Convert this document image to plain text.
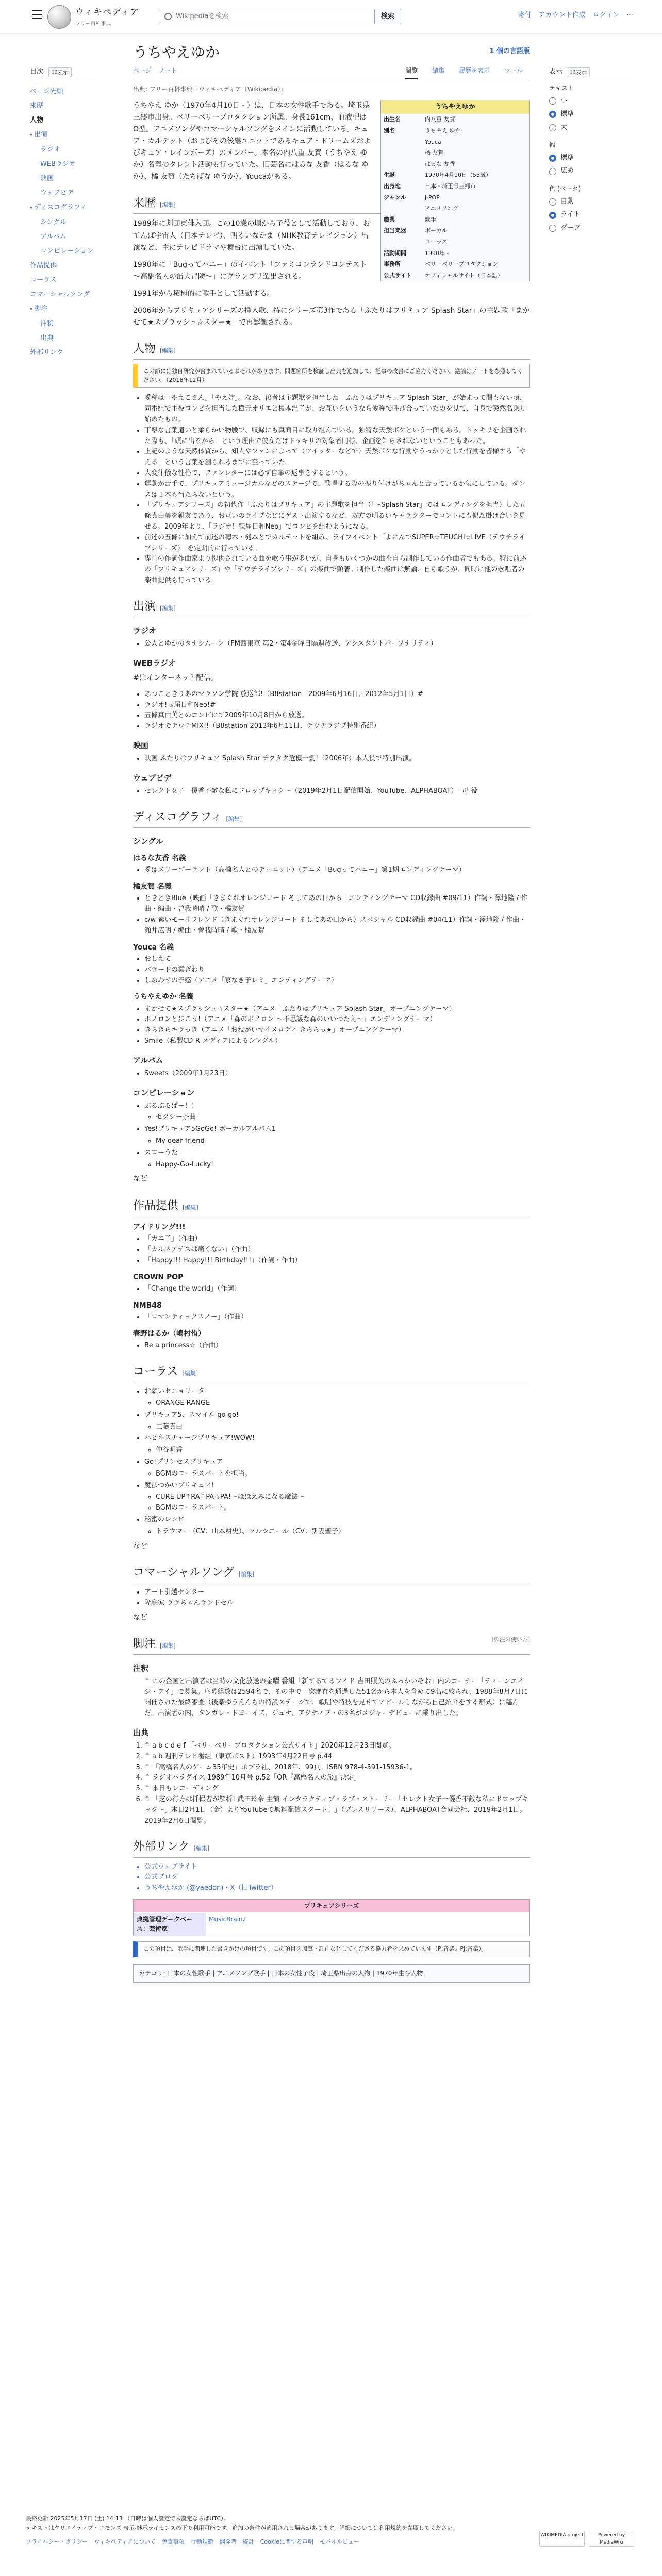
ウィキペディア
フリー百科事典
Wikipediaを検索	検索	寄付 アカウント作成 ログイン ⋯
目次	非表示
ページ先頭
来歴
人物
▾ 出演
ラジオ
WEBラジオ
映画
ウェブビデ
▾ ディスコグラフィ
シングル
アルバム
コンピレーション
作品提供
コーラス
コマーシャルソング
▾ 脚注
注釈
出典
外部リンク
表示	非表示
テキスト
小
標準
大
幅
標準
広め
色 (ベータ)
自動
ライト
ダーク
うちやえゆか	1 個の言語版
ページ ノート	閲覧 編集 履歴を表示 ツール
出典: フリー百科事典『ウィキペディア（Wikipedia）』
うちやえゆか
出生名	内八重 友賀
別名	うちやえ ゆか
	Youca
	橘 友賀
	はるな 友香
生誕	1970年4月10日（55歳）
出身地	日本・埼玉県三郷市
ジャンル	J-POP
	アニメソング
職業	歌手
担当楽器	ボーカル
	コーラス
活動期間	1990年 -
事務所	ベリーベリープロダクション
公式サイト	オフィシャルサイト（日本語）

うちやえ ゆか（1970年4月10日 - ）は、日本の女性歌手である。埼玉県三郷市出身。ベリーベリープロダクション所属。身長161cm、血液型はO型。アニメソングやコマーシャルソングをメインに活動している。キュア・カルテット（およびその後継ユニットであるキュア・ドリームズおよびキュア・レインボーズ）のメンバー。本名の内八重 友賀（うちやえ ゆか）名義のタレント活動も行っていた。旧芸名にはるな 友香（はるな ゆか）、橘 友賀（たちばな ゆうか）、Youcaがある。

来歴 [編集]

1989年に劇団東俳入団。この10歳の頃から子役として活動しており、おてんば宇宙人（日本テレビ）、明るいなかま（NHK教育テレビジョン）出演など、主にテレビドラマや舞台に出演していた。

1990年に「Bugってハニー」のイベント「ファミコンランドコンテスト 〜高橋名人の缶大冒険〜」にグランプリ選出される。

1991年から積極的に歌手として活動する。

2006年からプリキュアシリーズの挿入歌、特にシリーズ第3作である「ふたりはプリキュア Splash Star」の主題歌「まかせて★スプラッシュ☆スター★」で再認識される。

人物 [編集]
この節には独自研究が含まれているおそれがあります。問題箇所を検証し出典を追加して、記事の改善にご協力ください。議論はノートを参照してください。（2018年12月）
• 愛称は「やえこさん」「やえ姉」。なお、後者は主題歌を担当した「ふたりはプリキュア Splash Star」が始まって間もない頃、同番組で主役コンビを担当した樹元オリエと榎本温子が、お互いをいうなら愛称で呼び合っていたのを見て、自身で突然名乗り始めたもの。
• 丁寧な言葉遣いと柔らかい物腰で、収録にも真面目に取り組んでいる。独特な天然ボケという一面もある。ドッキリを企画された際も、「頭に出るから」という理由で彼女だけドッキリの対象者同様、企画を知らされないということもあった。
• 上記のような天然体質から、知人やファンによって（ツイッターなどで）天然ボケな行動やうっかりとした行動を皆様する「やえる」という言葉を創られるまでに至っていた。
• 大変律儀な性格で、ファンレターには必ず自筆の返事をするという。
• 運動が苦手で、プリキュアミュージカルなどのステージで、歌唱する際の振り付けがちゃんと合っているか気にしている。ダンスは１本も当たらないという。
• 「プリキュアシリーズ」の初代作「ふたりはプリキュア」の主題歌を担当（「〜Splash Star」ではエンディングを担当）した五條真由美を親友であり、お互いのライブなどにゲスト出演するなど、双方の明るいキャラクターでコントにも似た掛け合いを見せる。2009年より、「ラジオ！転届日和Neo」でコンビを組むようになる。
• 前述の五條に加えて前述の穂木・樋本とでカルテットを組み、ライブイベント「よにんでSUPER☆TEUCHI☆LIVE（テウチライブシリーズ）」を定期的に行っている。
• 専門の作詞作曲家より提供されている曲を歌う事が多いが、自身もいくつかの曲を自ら制作している作曲者でもある。特に前述の「プリキュアシリーズ」や「テウチライブシリーズ」の楽曲で顕著。制作した楽曲は無論、自ら歌うが、同時に他の歌唱者の楽曲提供も行っている。
出演 [編集]
ラジオ
• 公人とゆかのタナシムーン（FM西東京 第2・第4金曜日隔週放送、アシスタントパーソナリティ）
WEBラジオ

#はインターネット配信。

• あつこときりあのマラソン学院 放送部!（B8station　2009年6月16日、2012年5月1日）#
• ラジオ!転届日和Neo!#
• 五條真由美とのコンビにて2009年10月8日から放送。
• ラジオでテウチMIX!!（B8station 2013年6月11日、テウチラジブ特別番組）
映画
• 映画 ふたりはプリキュア Splash Star チクタク危機一髪!（2006年）本人役で特別出演。
ウェブビデ
• セレクト女子一優香不敵な私にドロップキック〜（2019年2月1日配信開始、YouTube、ALPHABOAT）- 母 役
ディスコグラフィ [編集]
シングル
はるな友香 名義
• 愛はメリーゴーランド（高橋名人とのデュエット）（アニメ「Bugってハニー」第1期エンディングテーマ）
橘友賀 名義
• ときどきBlue（映画「きまぐれオレンジロード そしてあの日から」エンディングテーマ CD収録曲 #09/11）作詞・澤地隆 / 作曲・編曲・曽我時晴 / 歌・橘友賀
• c/w 素いモーイフレンド（きまぐれオレンジロード そしてあの日から）スペシャル CD収録曲 #04/11）作詞・澤地隆 / 作曲・瀬井広明 / 編曲・曽我時晴 / 歌・橘友賀
Youca 名義
• おしえて
• バラードの雲ぎわり
• しあわせの予感（アニメ「家なき子レミ」エンディングテーマ）
うちやえゆか 名義
• まかせて★スプラッシュ☆スター★（アニメ「ふたりはプリキュア Splash Star」オープニングテーマ）
• ボノロンと歩こう!（アニメ「森のボノロン 〜不思議な森のいいつたえ〜」エンディングテーマ）
• きらきらキラっき（アニメ「おねがいマイメロディ きららっ★」オープニングテーマ）
• Smile（私製CD-R メディアによるシングル）
アルバム
• Sweets（2009年1月23日）
コンピレーション
• ぷるぷるぱー！！
◦ セクシー茶曲
• Yes!プリキュア5GoGo! ボーカルアルバム1
◦ My dear friend
• スローうた
◦ Happy-Go-Lucky!

など

作品提供 [編集]
アイドリング!!!
• 「カニ子」（作曲）
• 「カルネアデスは痛くない」（作曲）
• 「Happy!!! Happy!!! Birthday!!!」（作詞・作曲）
CROWN POP
• 「Change the world」（作詞）
NMB48
• 「ロマンティックスノー」（作曲）
春野はるか（嶋村侑）
• Be a princess☆（作曲）
コーラス [編集]
• お願いセニョリータ
◦ ORANGE RANGE
• プリキュア5、スマイル go go!
◦ 工藤真由
• ハピネスチャージプリキュア!WOW!
◦ 仲谷明香
• Go!プリンセスプリキュア
◦ BGMのコーラスパートを担当。
• 魔法つかいプリキュア!
◦ CURE UP↑RA♡PA☆PA!〜ほほえみになる魔法〜
◦ BGMのコーラスパート。
• 秘密のレシピ
◦ トラウマー（CV：山本耕史）、ソルシエール（CV：新妻聖子）

など

コマーシャルソング [編集]
• アート引越センター
• 隆庭家 ララちゃんランドセル

など

脚注 [編集]
[脚注の使い方]
注釈
^ この企画と出演者は当時の文化放送の金曜 番組「新てるてるワイド 吉田照美のふっかいぞお」内のコーナー「ティーンエイジ・アイ」で募集。応募総数は2594名で、その中で一次審査を通過した51名から本人を含めて9名に絞られ、1988年8月7日に開催された最終審査（後楽ゆうえんちの特設ステージで、歌唱や特技を見せてアピールしながら自己紹介をする形式）に臨んだ。出演者の内、タンガレ・ドヨーイズ、ジュナ、アクティブ・の3名がメジャーデビューに乗り出した。
出典
1. ^ a b c d e f 「ベリーベリープロダクション公式サイト」2020年12月23日閲覧。
2. ^ a b 週刊テレビ番組（東京ポスト）1993年4月22日号 p.44
3. ^ 「高橋名人のゲーム35年史」ポプラ社、2018年、99頁。ISBN 978-4-591-15936-1。
4. ^ ラジオパラダイス 1989年10月号 p.52「OR『高橋名人の旅』決定」
5. ^ 本日もレコーディング
6. ^ 「芝の行方は挿撮者が解析! 武田玲奈 主演 インタラクティブ・ラブ・ストーリー「セレクト女子一優香不敵な私にドロップキック〜」本日2月1日（金）よりYouTubeで無料配信スタート！」（プレスリリース）、ALPHABOAT合同会社、2019年2月1日。2019年2月6日閲覧。
外部リンク [編集]
• 公式ウェブサイト
• 公式ブログ
• うちやえゆか (@yaedon)・X（旧Twitter）
プリキュアシリーズ
典拠管理データベース：芸術家
MusicBrainz
この項目は、歌手に関連した書きかけの項目です。この項目を加筆・訂正などしてくださる協力者を求めています（P:音楽／PJ:音楽）。
カテゴリ: 日本の女性歌手 | アニメソング歌手 | 日本の女性子役 | 埼玉県出身の人物 | 1970年生存人物
最終更新 2025年5月17日 (土) 14:13 （日時は個人設定で未設定ならばUTC）。
テキストはクリエイティブ・コモンズ 表示-継承ライセンスの下で利用可能です。追加の条件が適用される場合があります。詳細については利用規約を参照してください。
プライバシー・ポリシー ウィキペディアについて 免責事項 行動規範 開発者 統計 Cookieに関する声明 モバイルビュー
WIKIMEDIA project	Powered by MediaWiki
